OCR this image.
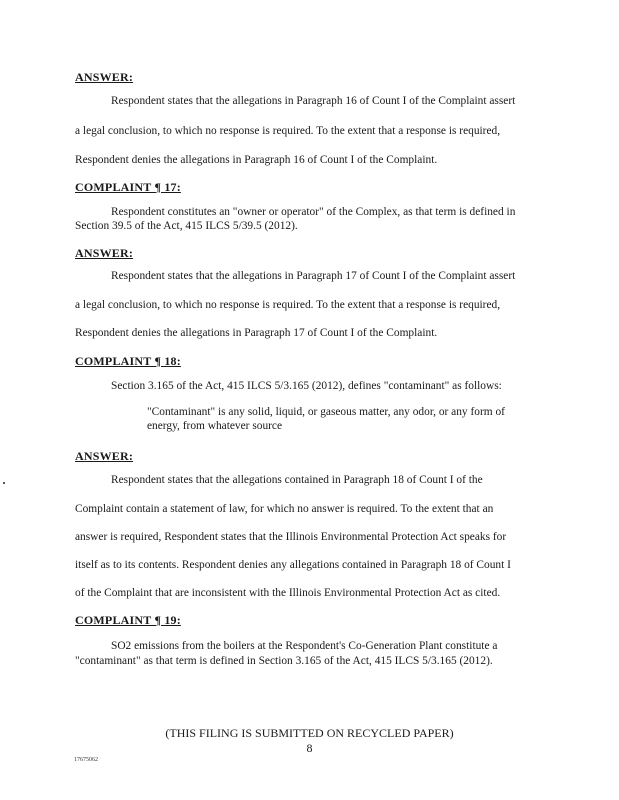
ANSWER:
Respondent states that the allegations in Paragraph 16 of Count I of the Complaint assert
a legal conclusion, to which no response is required. To the extent that a response is required,
Respondent denies the allegations in Paragraph 16 of Count I of the Complaint.
COMPLAINT ¶ 17:
Respondent constitutes an "owner or operator" of the Complex, as that term is defined in
Section 39.5 of the Act, 415 ILCS 5/39.5 (2012).
ANSWER:
Respondent states that the allegations in Paragraph 17 of Count I of the Complaint assert
a legal conclusion, to which no response is required. To the extent that a response is required,
Respondent denies the allegations in Paragraph 17 of Count I of the Complaint.
COMPLAINT ¶ 18:
Section 3.165 of the Act, 415 ILCS 5/3.165 (2012), defines "contaminant" as follows:
"Contaminant" is any solid, liquid, or gaseous matter, any odor, or any form of
energy, from whatever source
ANSWER:
Respondent states that the allegations contained in Paragraph 18 of Count I of the
Complaint contain a statement of law, for which no answer is required. To the extent that an
answer is required, Respondent states that the Illinois Environmental Protection Act speaks for
itself as to its contents. Respondent denies any allegations contained in Paragraph 18 of Count I
of the Complaint that are inconsistent with the Illinois Environmental Protection Act as cited.
COMPLAINT ¶ 19:
SO2 emissions from the boilers at the Respondent's Co-Generation Plant constitute a
"contaminant" as that term is defined in Section 3.165 of the Act, 415 ILCS 5/3.165 (2012).
(THIS FILING IS SUBMITTED ON RECYCLED PAPER)
8
17675062
